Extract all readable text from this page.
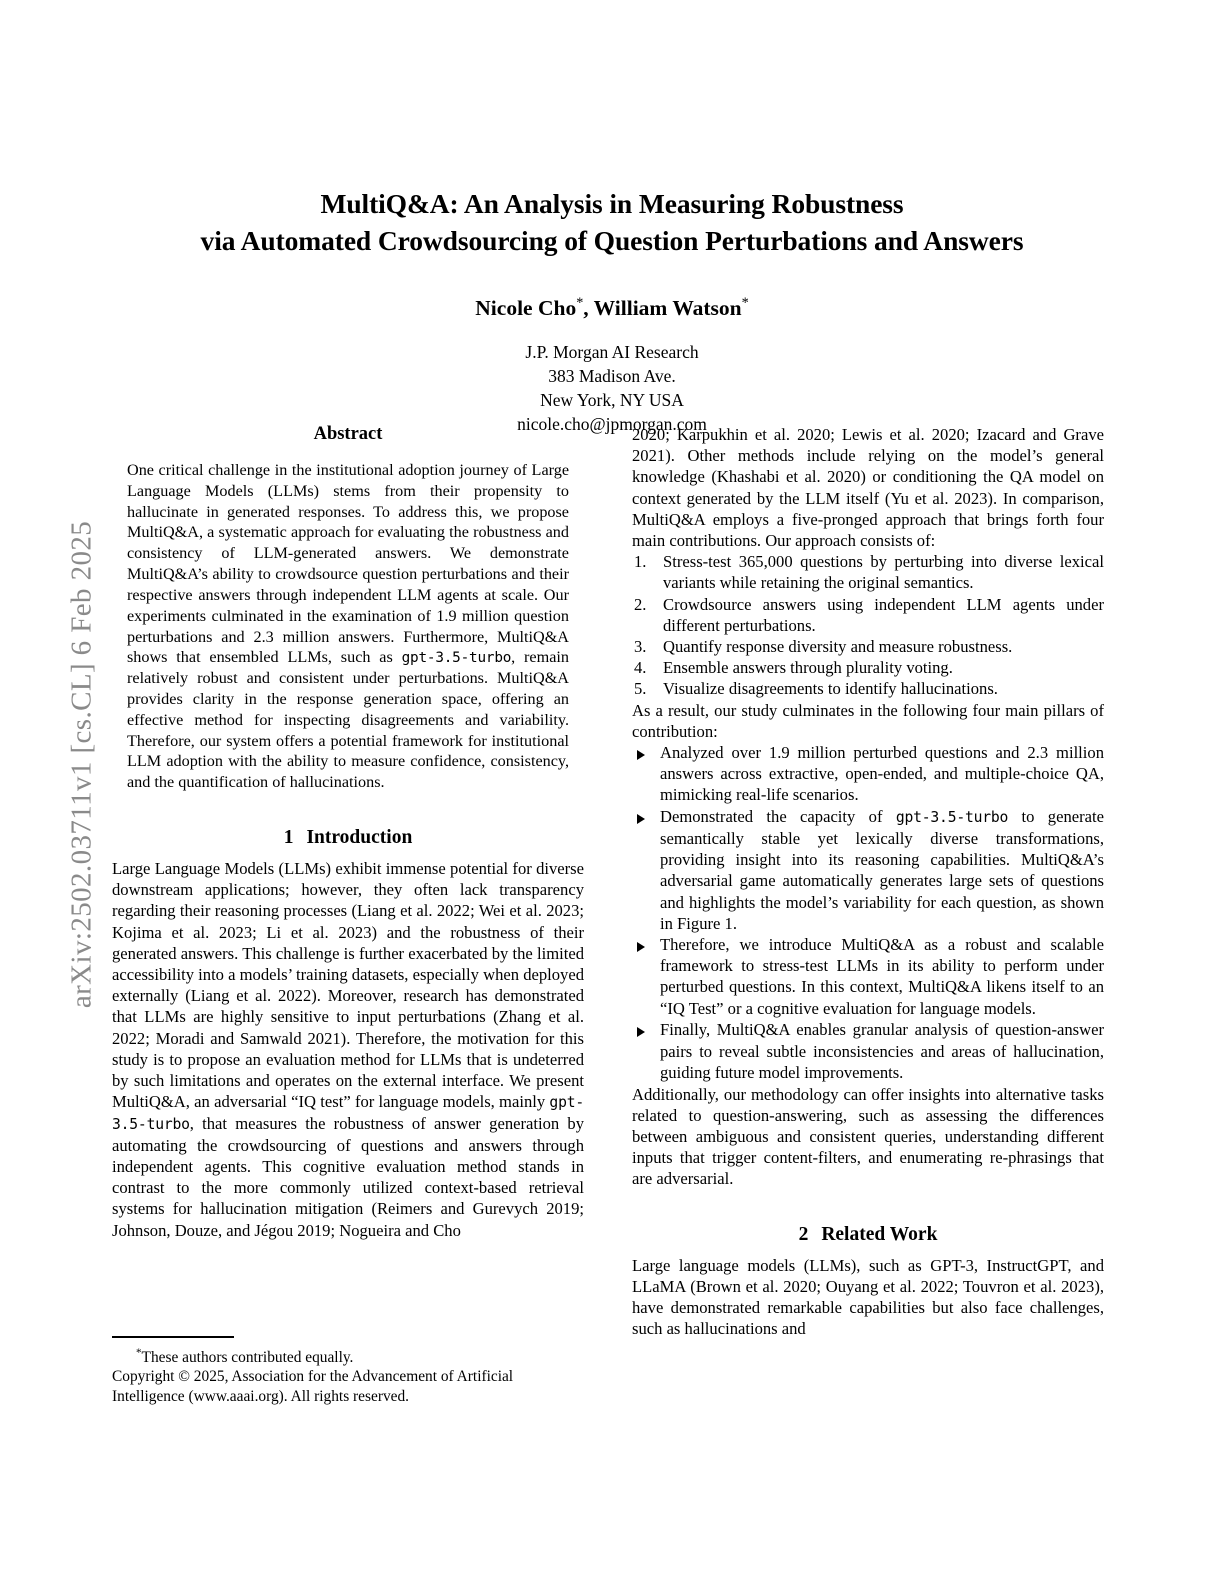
arXiv:2502.03711v1 [cs.CL] 6 Feb 2025
MultiQ&A: An Analysis in Measuring Robustness
via Automated Crowdsourcing of Question Perturbations and Answers
Nicole Cho*, William Watson*
J.P. Morgan AI Research
383 Madison Ave.
New York, NY USA
nicole.cho@jpmorgan.com
Abstract

One critical challenge in the institutional adoption journey of Large Language Models (LLMs) stems from their propensity to hallucinate in generated responses. To address this, we propose MultiQ&A, a systematic approach for evaluating the robustness and consistency of LLM-generated answers. We demonstrate MultiQ&A’s ability to crowdsource question perturbations and their respective answers through independent LLM agents at scale. Our experiments culminated in the examination of 1.9 million question perturbations and 2.3 million answers. Furthermore, MultiQ&A shows that ensembled LLMs, such as gpt-3.5-turbo, remain relatively robust and consistent under perturbations. MultiQ&A provides clarity in the response generation space, offering an effective method for inspecting disagreements and variability. Therefore, our system offers a potential framework for institutional LLM adoption with the ability to measure confidence, consistency, and the quantification of hallucinations.

1 Introduction

Large Language Models (LLMs) exhibit immense potential for diverse downstream applications; however, they often lack transparency regarding their reasoning processes (Liang et al. 2022; Wei et al. 2023; Kojima et al. 2023; Li et al. 2023) and the robustness of their generated answers. This challenge is further exacerbated by the limited accessibility into a models’ training datasets, especially when deployed externally (Liang et al. 2022). Moreover, research has demonstrated that LLMs are highly sensitive to input perturbations (Zhang et al. 2022; Moradi and Samwald 2021). Therefore, the motivation for this study is to propose an evaluation method for LLMs that is undeterred by such limitations and operates on the external interface. We present MultiQ&A, an adversarial “IQ test” for language models, mainly gpt-3.5-turbo, that measures the robustness of answer generation by automating the crowdsourcing of questions and answers through independent agents. This cognitive evaluation method stands in contrast to the more commonly utilized context-based retrieval systems for hallucination mitigation (Reimers and Gurevych 2019; Johnson, Douze, and Jégou 2019; Nogueira and Cho

2020; Karpukhin et al. 2020; Lewis et al. 2020; Izacard and Grave 2021). Other methods include relying on the model’s general knowledge (Khashabi et al. 2020) or conditioning the QA model on context generated by the LLM itself (Yu et al. 2023). In comparison, MultiQ&A employs a five-pronged approach that brings forth four main contributions. Our approach consists of:

Stress-test 365,000 questions by perturbing into diverse lexical variants while retaining the original semantics.
Crowdsource answers using independent LLM agents under different perturbations.
Quantify response diversity and measure robustness.
Ensemble answers through plurality voting.
Visualize disagreements to identify hallucinations.

As a result, our study culminates in the following four main pillars of contribution:

Analyzed over 1.9 million perturbed questions and 2.3 million answers across extractive, open-ended, and multiple-choice QA, mimicking real-life scenarios.
Demonstrated the capacity of gpt-3.5-turbo to generate semantically stable yet lexically diverse transformations, providing insight into its reasoning capabilities. MultiQ&A’s adversarial game automatically generates large sets of questions and highlights the model’s variability for each question, as shown in Figure 1.
Therefore, we introduce MultiQ&A as a robust and scalable framework to stress-test LLMs in its ability to perform under perturbed questions. In this context, MultiQ&A likens itself to an “IQ Test” or a cognitive evaluation for language models.
Finally, MultiQ&A enables granular analysis of question-answer pairs to reveal subtle inconsistencies and areas of hallucination, guiding future model improvements.

Additionally, our methodology can offer insights into alternative tasks related to question-answering, such as assessing the differences between ambiguous and consistent queries, understanding different inputs that trigger content-filters, and enumerating re-phrasings that are adversarial.

2 Related Work

Large language models (LLMs), such as GPT-3, InstructGPT, and LLaMA (Brown et al. 2020; Ouyang et al. 2022; Touvron et al. 2023), have demonstrated remarkable capabilities but also face challenges, such as hallucinations and

*These authors contributed equally.

Copyright © 2025, Association for the Advancement of Artificial Intelligence (www.aaai.org). All rights reserved.
